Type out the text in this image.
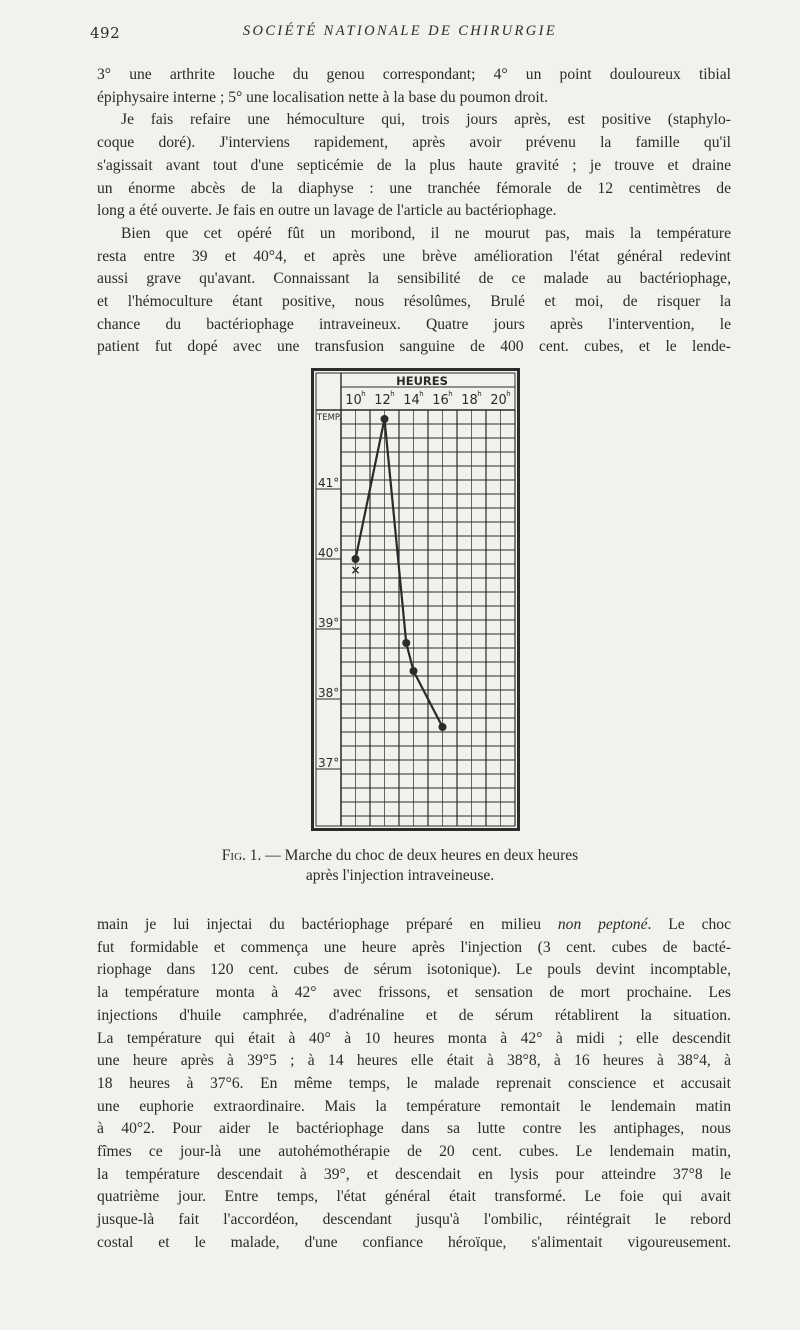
492	SOCIÉTÉ NATIONALE DE CHIRURGIE
3° une arthrite louche du genou correspondant; 4° un point douloureux tibial
épiphysaire interne ; 5° une localisation nette à la base du poumon droit.
Je fais refaire une hémoculture qui, trois jours après, est positive (staphylo-
coque doré). J'interviens rapidement, après avoir prévenu la famille qu'il
s'agissait avant tout d'une septicémie de la plus haute gravité ; je trouve et draine
un énorme abcès de la diaphyse : une tranchée fémorale de 12 centimètres de
long a été ouverte. Je fais en outre un lavage de l'article au bactériophage.
Bien que cet opéré fût un moribond, il ne mourut pas, mais la température
resta entre 39 et 40°4, et après une brève amélioration l'état général redevint
aussi grave qu'avant. Connaissant la sensibilité de ce malade au bactériophage,
et l'hémoculture étant positive, nous résolûmes, Brulé et moi, de risquer la
chance du bactériophage intraveineux. Quatre jours après l'intervention, le
patient fut dopé avec une transfusion sanguine de 400 cent. cubes, et le lende-
HEURES
10 h 12 h 14 h 16 h 18 h 20 h
TEMP.
41°
40°
39°
38°
37°
×
Fig. 1. — Marche du choc de deux heures en deux heures
après l'injection intraveineuse.
main je lui injectai du bactériophage préparé en milieu non peptoné. Le choc
fut formidable et commença une heure après l'injection (3 cent. cubes de bacté-
riophage dans 120 cent. cubes de sérum isotonique). Le pouls devint incomptable,
la température monta à 42° avec frissons, et sensation de mort prochaine. Les
injections d'huile camphrée, d'adrénaline et de sérum rétablirent la situation.
La température qui était à 40° à 10 heures monta à 42° à midi ; elle descendit
une heure après à 39°5 ; à 14 heures elle était à 38°8, à 16 heures à 38°4, à
18 heures à 37°6. En même temps, le malade reprenait conscience et accusait
une euphorie extraordinaire. Mais la température remontait le lendemain matin
à 40°2. Pour aider le bactériophage dans sa lutte contre les antiphages, nous
fîmes ce jour-là une autohémothérapie de 20 cent. cubes. Le lendemain matin,
la température descendait à 39°, et descendait en lysis pour atteindre 37°8 le
quatrième jour. Entre temps, l'état général était transformé. Le foie qui avait
jusque-là fait l'accordéon, descendant jusqu'à l'ombilic, réintégrait le rebord
costal et le malade, d'une confiance héroïque, s'alimentait vigoureusement.
